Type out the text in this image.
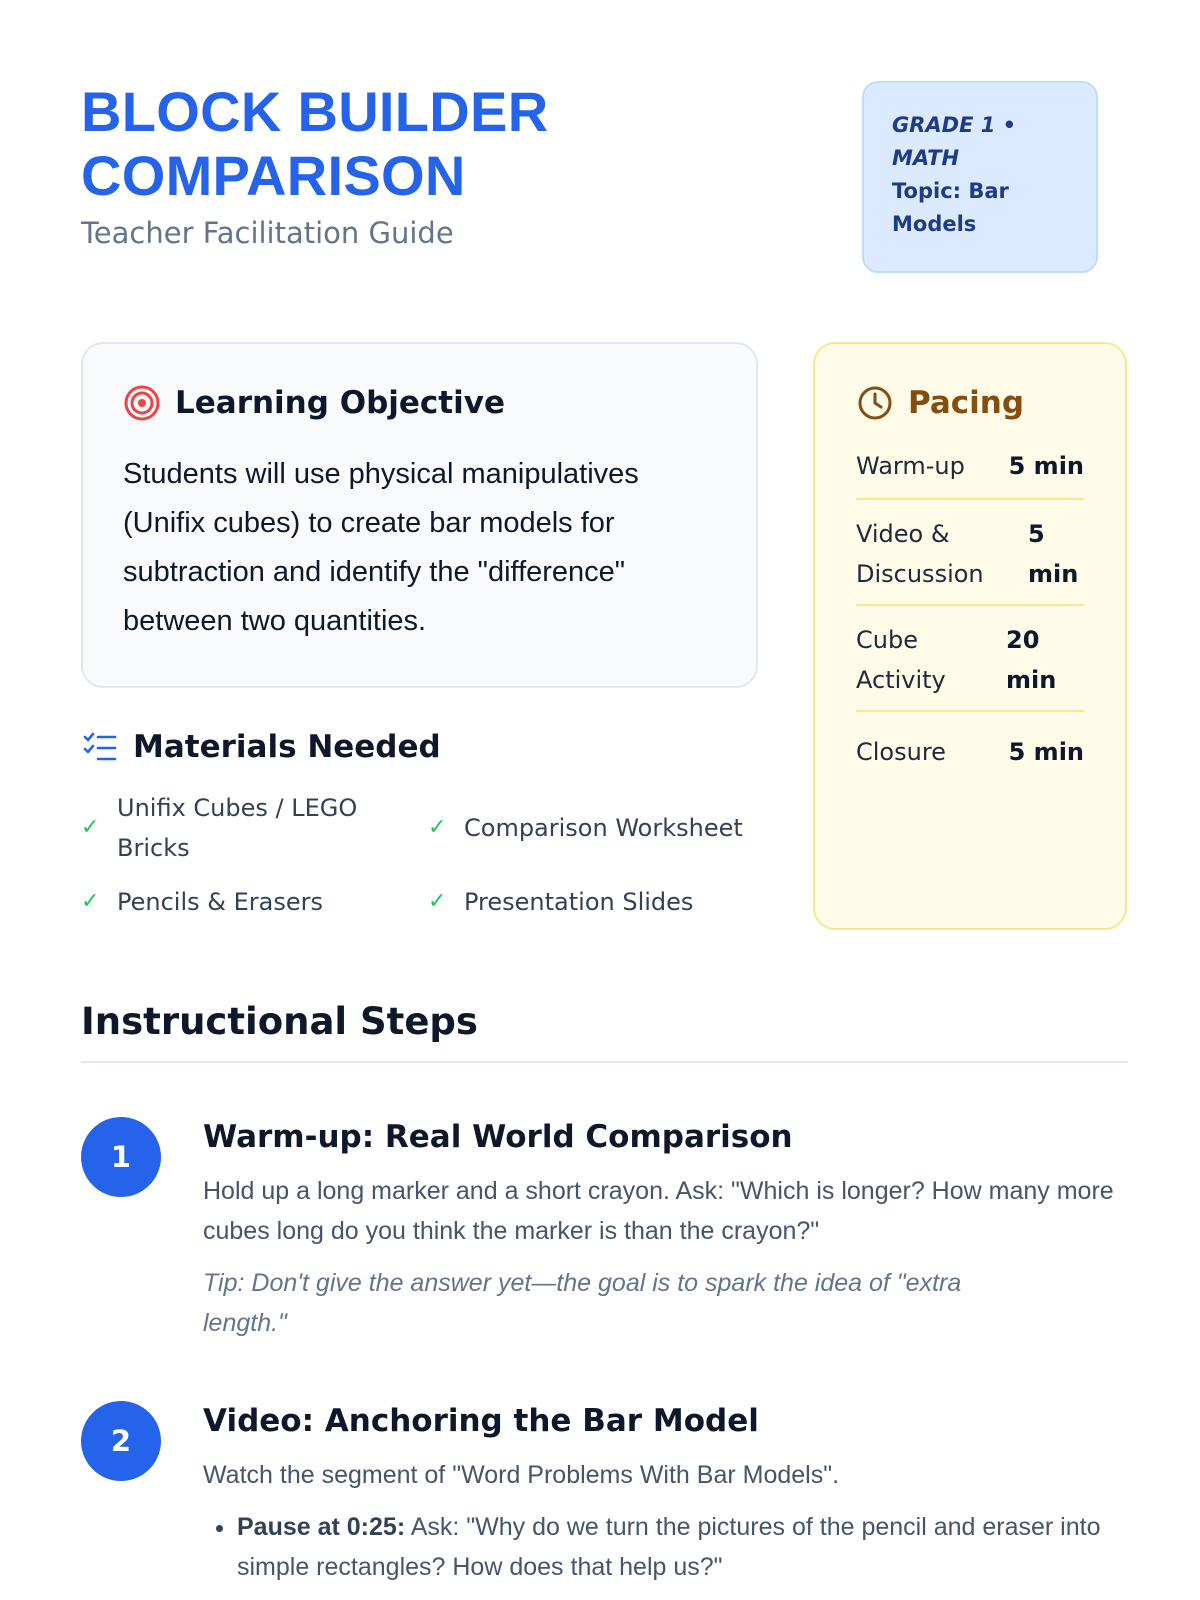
BLOCK BUILDER COMPARISON
Teacher Facilitation Guide
GRADE 1 • MATH
Topic: Bar Models
Learning Objective

Students will use physical manipulatives (Unifix cubes) to create bar models for subtraction and identify the "difference" between two quantities.

Pacing
Warm-up	5 min
Video & Discussion
5 min
Cube Activity
20 min
Closure	5 min
Materials Needed
✓
Unifix Cubes / LEGO Bricks
✓ Comparison Worksheet
✓ Pencils & Erasers	✓ Presentation Slides
Instructional Steps
1
Warm-up: Real World Comparison

Hold up a long marker and a short crayon. Ask: "Which is longer? How many more cubes long do you think the marker is than the crayon?"

Tip: Don't give the answer yet—the goal is to spark the idea of "extra length."

2
Video: Anchoring the Bar Model

Watch the segment of "Word Problems With Bar Models".

• Pause at 0:25: Ask: "Why do we turn the pictures of the pencil and eraser into simple rectangles? How does that help us?"
